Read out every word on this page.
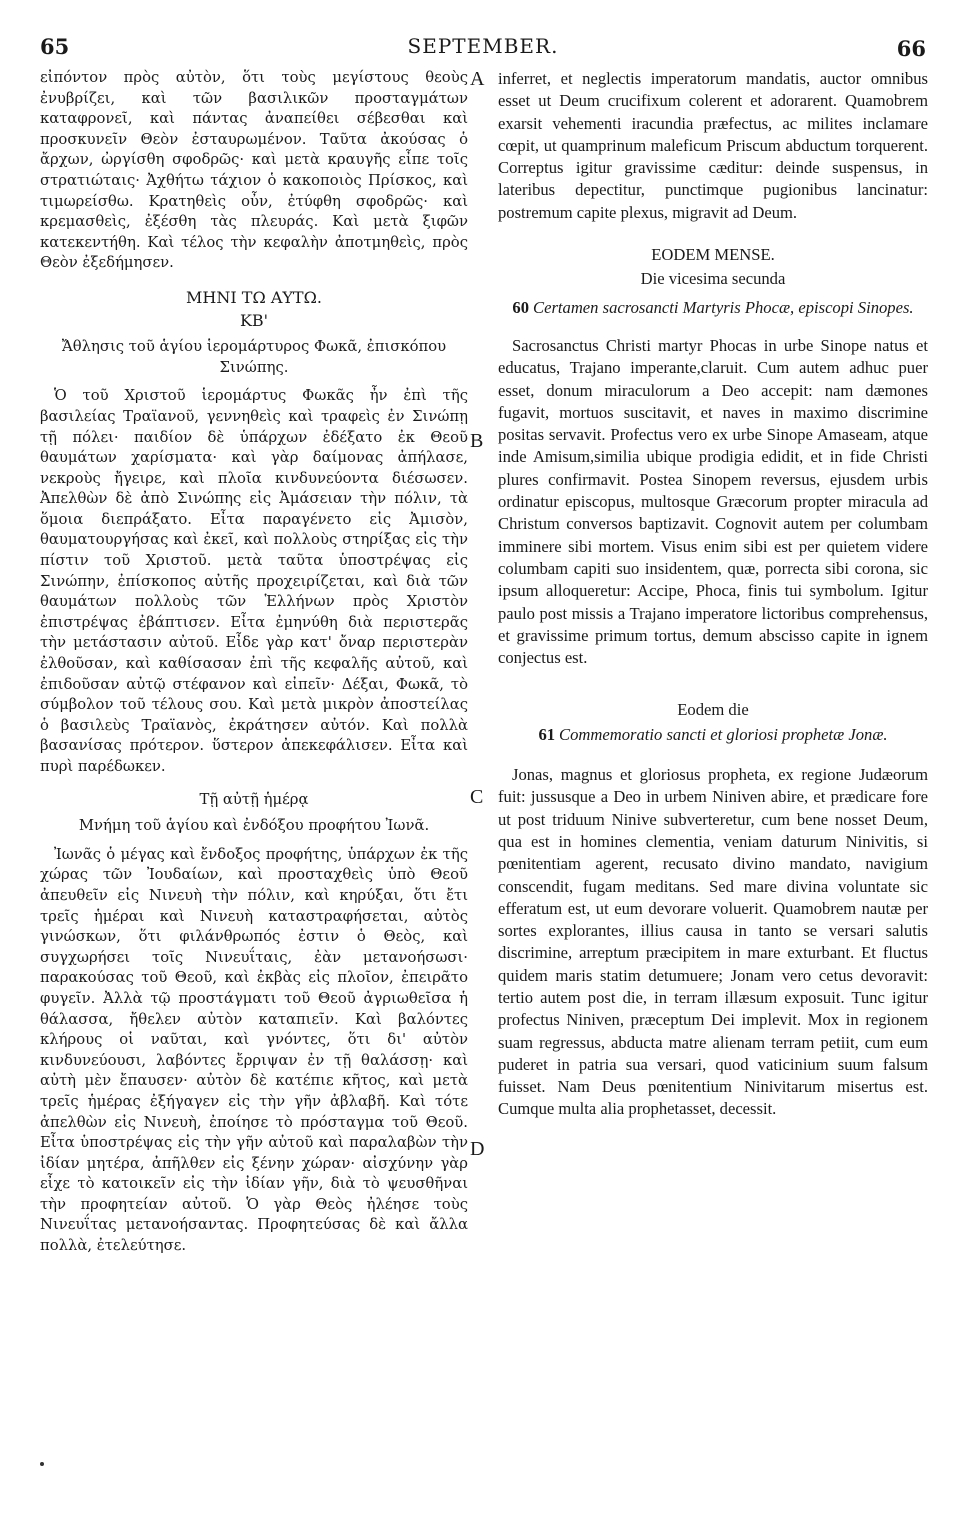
65	SEPTEMBER.	66
A
B
C
D

εἰπόντον πρὸς αὐτὸν, ὅτι τοὺς μεγίστους θεοὺς ἐνυβρίζει, καὶ τῶν βασιλικῶν προσταγμάτων καταφρονεῖ, καὶ πάντας ἀναπείθει σέβεσθαι καὶ προσκυνεῖν Θεὸν ἐσταυρωμένον. Ταῦτα ἀκούσας ὁ ἄρχων, ὠργίσθη σφοδρῶς· καὶ μετὰ κραυγῆς εἶπε τοῖς στρατιώταις· Ἀχθήτω τάχιον ὁ κακοποιὸς Πρίσκος, καὶ τιμωρείσθω. Κρατηθεὶς οὖν, ἐτύφθη σφοδρῶς· καὶ κρεμασθεὶς, ἐξέσθη τὰς πλευράς. Καὶ μετὰ ξιφῶν κατεκεντήθη. Καὶ τέλος τὴν κεφαλὴν ἀποτμηθεὶς, πρὸς Θεὸν ἐξεδήμησεν.

ΜΗΝΙ ΤΩ ΑΥΤΩ.
ΚΒ'
Ἄθλησις τοῦ ἁγίου ἱερομάρτυρος Φωκᾶ, ἐπισκόπου Σινώπης.

Ὁ τοῦ Χριστοῦ ἱερομάρτυς Φωκᾶς ἦν ἐπὶ τῆς βασιλείας Τραϊανοῦ, γεννηθεὶς καὶ τραφεὶς ἐν Σινώπῃ τῇ πόλει· παιδίον δὲ ὑπάρχων ἐδέξατο ἐκ Θεοῦ θαυμάτων χαρίσματα· καὶ γὰρ δαίμονας ἀπήλασε, νεκροὺς ἤγειρε, καὶ πλοῖα κινδυνεύοντα διέσωσεν. Ἀπελθὼν δὲ ἀπὸ Σινώπης εἰς Ἀμάσειαν τὴν πόλιν, τὰ ὅμοια διεπράξατο. Εἶτα παραγένετο εἰς Ἀμισὸν, θαυματουργήσας καὶ ἐκεῖ, καὶ πολλοὺς στηρίξας εἰς τὴν πίστιν τοῦ Χριστοῦ. μετὰ ταῦτα ὑποστρέψας εἰς Σινώπην, ἐπίσκοπος αὐτῆς προχειρίζεται, καὶ διὰ τῶν θαυμάτων πολλοὺς τῶν Ἑλλήνων πρὸς Χριστὸν ἐπιστρέψας ἐβάπτισεν. Εἶτα ἐμηνύθη διὰ περιστερᾶς τὴν μετάστασιν αὐτοῦ. Εἶδε γὰρ κατ' ὄναρ περιστερὰν ἐλθοῦσαν, καὶ καθίσασαν ἐπὶ τῆς κεφαλῆς αὐτοῦ, καὶ ἐπιδοῦσαν αὐτῷ στέφανον καὶ εἰπεῖν· Δέξαι, Φωκᾶ, τὸ σύμβολον τοῦ τέλους σου. Καὶ μετὰ μικρὸν ἀποστείλας ὁ βασιλεὺς Τραϊανὸς, ἐκράτησεν αὐτόν. Καὶ πολλὰ βασανίσας πρότερον. ὕστερον ἀπεκεφάλισεν. Εἶτα καὶ πυρὶ παρέδωκεν.

Τῇ αὐτῇ ἡμέρᾳ
Μνήμη τοῦ ἁγίου καὶ ἐνδόξου προφήτου Ἰωνᾶ.

Ἰωνᾶς ὁ μέγας καὶ ἔνδοξος προφήτης, ὑπάρχων ἐκ τῆς χώρας τῶν Ἰουδαίων, καὶ προσταχθεὶς ὑπὸ Θεοῦ ἀπευθεῖν εἰς Νινευὴ τὴν πόλιν, καὶ κηρύξαι, ὅτι ἔτι τρεῖς ἡμέραι καὶ Νινευὴ καταστραφήσεται, αὐτὸς γινώσκων, ὅτι φιλάνθρωπός ἐστιν ὁ Θεὸς, καὶ συγχωρήσει τοῖς Νινευΐταις, ἐὰν μετανοήσωσι· παρακούσας τοῦ Θεοῦ, καὶ ἐκβὰς εἰς πλοῖον, ἐπειρᾶτο φυγεῖν. Ἀλλὰ τῷ προστάγματι τοῦ Θεοῦ ἀγριωθεῖσα ἡ θάλασσα, ἤθελεν αὐτὸν καταπιεῖν. Καὶ βαλόντες κλήρους οἱ ναῦται, καὶ γνόντες, ὅτι δι' αὐτὸν κινδυνεύουσι, λαβόντες ἔρριψαν ἐν τῇ θαλάσσῃ· καὶ αὐτὴ μὲν ἔπαυσεν· αὐτὸν δὲ κατέπιε κῆτος, καὶ μετὰ τρεῖς ἡμέρας ἐξήγαγεν εἰς τὴν γῆν ἀβλαβῆ. Καὶ τότε ἀπελθὼν εἰς Νινευὴ, ἐποίησε τὸ πρόσταγμα τοῦ Θεοῦ. Εἶτα ὑποστρέψας εἰς τὴν γῆν αὐτοῦ καὶ παραλαβὼν τὴν ἰδίαν μητέρα, ἀπῆλθεν εἰς ξένην χώραν· αἰσχύνην γὰρ εἶχε τὸ κατοικεῖν εἰς τὴν ἰδίαν γῆν, διὰ τὸ ψευσθῆναι τὴν προφητείαν αὐτοῦ. Ὁ γὰρ Θεὸς ἠλέησε τοὺς Νινευΐτας μετανοήσαντας. Προφητεύσας δὲ καὶ ἄλλα πολλὰ, ἐτελεύτησε.

inferret, et neglectis imperatorum mandatis, auctor omnibus esset ut Deum crucifixum colerent et adorarent. Quamobrem exarsit vehementi iracundia præfectus, ac milites inclamare cœpit, ut quamprinum maleficum Priscum abductum torquerent. Correptus igitur gravissime cæditur: deinde suspensus, in lateribus depectitur, punctimque pugionibus lancinatur: postremum capite plexus, migravit ad Deum.

EODEM MENSE.
Die vicesima secunda
60 Certamen sacrosancti Martyris Phocæ, episcopi Sinopes.

Sacrosanctus Christi martyr Phocas in urbe Sinope natus et educatus, Trajano imperante,claruit. Cum autem adhuc puer esset, donum miraculorum a Deo accepit: nam dæmones fugavit, mortuos suscitavit, et naves in maximo discrimine positas servavit. Profectus vero ex urbe Sinope Amaseam, atque inde Amisum,similia ubique prodigia edidit, et in fide Christi plures confirmavit. Postea Sinopem reversus, ejusdem urbis ordinatur episcopus, multosque Græcorum propter miracula ad Christum conversos baptizavit. Cognovit autem per columbam imminere sibi mortem. Visus enim sibi est per quietem videre columbam capiti suo insidentem, quæ, porrecta sibi corona, sic ipsum alloqueretur: Accipe, Phoca, finis tui symbolum. Igitur paulo post missis a Trajano imperatore lictoribus comprehensus, et gravissime primum tortus, demum abscisso capite in ignem conjectus est.

Eodem die
61 Commemoratio sancti et gloriosi prophetæ Jonæ.

Jonas, magnus et gloriosus propheta, ex regione Judæorum fuit: jussusque a Deo in urbem Niniven abire, et prædicare fore ut post triduum Ninive subverteretur, cum bene nosset Deum, qua est in homines clementia, veniam daturum Ninivitis, si pœnitentiam agerent, recusato divino mandato, navigium conscendit, fugam meditans. Sed mare divina voluntate sic efferatum est, ut eum devorare voluerit. Quamobrem nautæ per sortes explorantes, illius causa in tanto se versari salutis discrimine, arreptum præcipitem in mare exturbant. Et fluctus quidem maris statim detumuere; Jonam vero cetus devoravit: tertio autem post die, in terram illæsum exposuit. Tunc igitur profectus Niniven, præceptum Dei implevit. Mox in regionem suam regressus, abducta matre alienam terram petiit, cum eum puderet in patria sua versari, quod vaticinium suum falsum fuisset. Nam Deus pœnitentium Ninivitarum misertus est. Cumque multa alia prophetasset, decessit.
